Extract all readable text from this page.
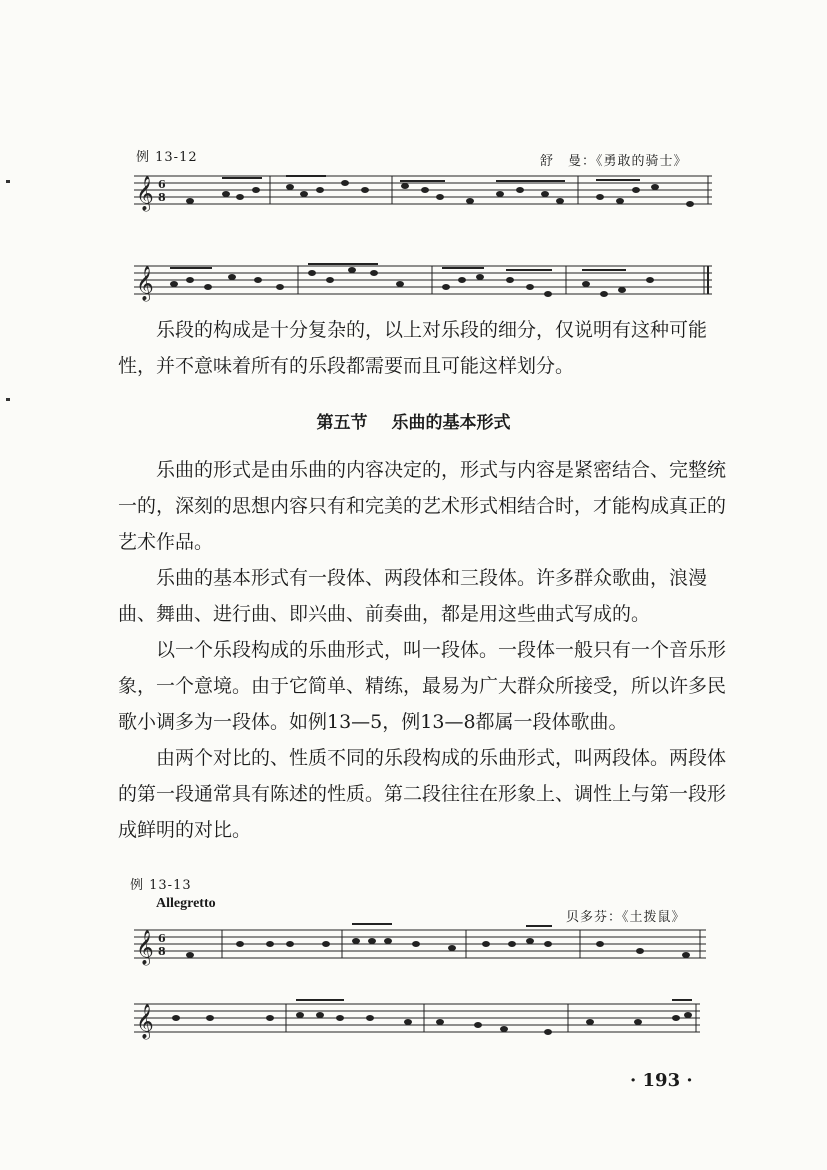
例 13-12	舒　曼：《勇敢的骑士》
𝄞 6
8
𝄞
𝄞 6
8
𝄞

乐段的构成是十分复杂的，以上对乐段的细分，仅说明有这种可能性，并不意味着所有的乐段都需要而且可能这样划分。

第五节 乐曲的基本形式

乐曲的形式是由乐曲的内容决定的，形式与内容是紧密结合、完整统一的，深刻的思想内容只有和完美的艺术形式相结合时，才能构成真正的艺术作品。

乐曲的基本形式有一段体、两段体和三段体。许多群众歌曲，浪漫曲、舞曲、进行曲、即兴曲、前奏曲，都是用这些曲式写成的。

以一个乐段构成的乐曲形式，叫一段体。一段体一般只有一个音乐形象，一个意境。由于它简单、精练，最易为广大群众所接受，所以许多民歌小调多为一段体。如例13—5，例13—8都属一段体歌曲。

由两个对比的、性质不同的乐段构成的乐曲形式，叫两段体。两段体的第一段通常具有陈述的性质。第二段往往在形象上、调性上与第一段形成鲜明的对比。

例 13-13
Allegretto
贝多芬：《土拨鼠》
· 193 ·
